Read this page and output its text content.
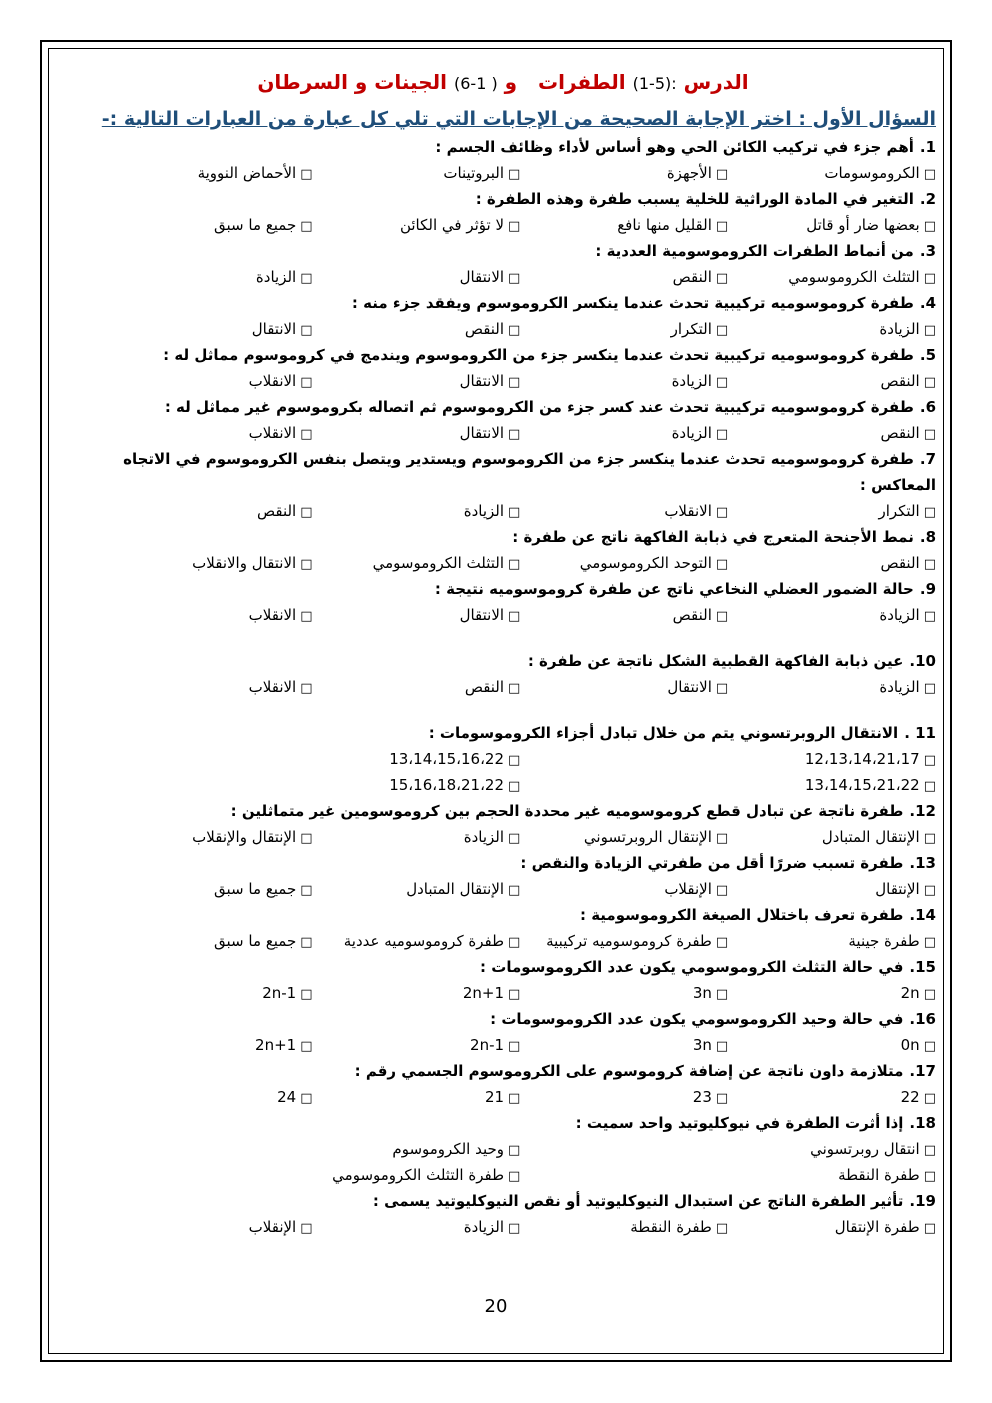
الدرس :(5-1) الطفرات   و ( 1-6) الجينات و السرطان
السؤال الأول : اختر الإجابة الصحيحة من الإجابات التي تلي كل عبارة من العبارات التالية :-
1.أهم جزء في تركيب الكائن الحي وهو أساس لأداء وظائف الجسم :
□الكروموسومات
□الأجهزة
□البروتينات
□الأحماض النووية
2.التغير في المادة الوراثية للخلية يسبب طفرة وهذه الطفرة :
□بعضها ضار أو قاتل
□القليل منها نافع
□لا تؤثر في الكائن
□جميع ما سبق
3.من أنماط الطفرات الكروموسومية العددية :
□التثلث الكروموسومي
□النقص
□الانتقال
□الزيادة
4.طفرة كروموسوميه تركيبية تحدث عندما ينكسر الكروموسوم ويفقد جزء منه :
□الزيادة
□التكرار
□النقص
□الانتقال
5.طفرة كروموسوميه تركيبية تحدث عندما ينكسر جزء من الكروموسوم ويندمج في كروموسوم مماثل له :
□النقص
□الزيادة
□الانتقال
□الانقلاب
6.طفرة كروموسوميه تركيبية تحدث عند كسر جزء من الكروموسوم ثم اتصاله بكروموسوم غير مماثل له :
□النقص
□الزيادة
□الانتقال
□الانقلاب
7.طفرة كروموسوميه تحدث عندما ينكسر جزء من الكروموسوم ويستدير ويتصل بنفس الكروموسوم في الاتجاه المعاكس :
□التكرار
□الانقلاب
□الزيادة
□النقص
8.نمط الأجنحة المتعرج في ذبابة الفاكهة ناتج عن طفرة :
□النقص
□التوحد الكروموسومي
□التثلث الكروموسومي
□الانتقال والانقلاب
9.حالة الضمور العضلي النخاعي ناتج عن طفرة كروموسوميه نتيجة :
□الزيادة
□النقص
□الانتقال
□الانقلاب
10.عين ذبابة الفاكهة القطبية الشكل ناتجة عن طفرة :
□الزيادة
□الانتقال
□النقص
□الانقلاب
11 .الانتقال الروبرتسوني يتم من خلال تبادل أجزاء الكروموسومات :
□12،13،14،21،17
□13،14،15،16،22
□13،14،15،21،22
□15،16،18،21،22
12.طفرة ناتجة عن تبادل قطع كروموسوميه غير محددة الحجم بين كروموسومين غير متماثلين :
□الإنتقال المتبادل
□الإنتقال الروبرتسوني
□الزيادة
□الإنتقال والإنقلاب
13.طفرة تسبب ضررًا أقل من طفرتي الزيادة والنقص :
□الإنتقال
□الإنقلاب
□الإنتقال المتبادل
□جميع ما سبق
14.طفرة تعرف باختلال الصيغة الكروموسومية :
□طفرة جينية
□طفرة كروموسوميه تركيبية
□طفرة كروموسوميه عددية
□جميع ما سبق
15.في حالة التثلث الكروموسومي يكون عدد الكروموسومات :
□2n
□3n
□2n+1
□2n-1
16.في حالة وحيد الكروموسومي يكون عدد الكروموسومات :
□0n
□3n
□2n-1
□2n+1
17.متلازمة داون ناتجة عن إضافة كروموسوم على الكروموسوم الجسمي رقم :
□22
□23
□21
□24
18.إذا أثرت الطفرة في نيوكليوتيد واحد سميت :
□انتقال روبرتسوني
□وحيد الكروموسوم
□طفرة النقطة
□طفرة التثلث الكروموسومي
19.تأثير الطفرة الناتج عن استبدال النيوكليوتيد أو نقص النيوكليوتيد يسمى :
□طفرة الإنتقال
□طفرة النقطة
□الزيادة
□الإنقلاب
20
